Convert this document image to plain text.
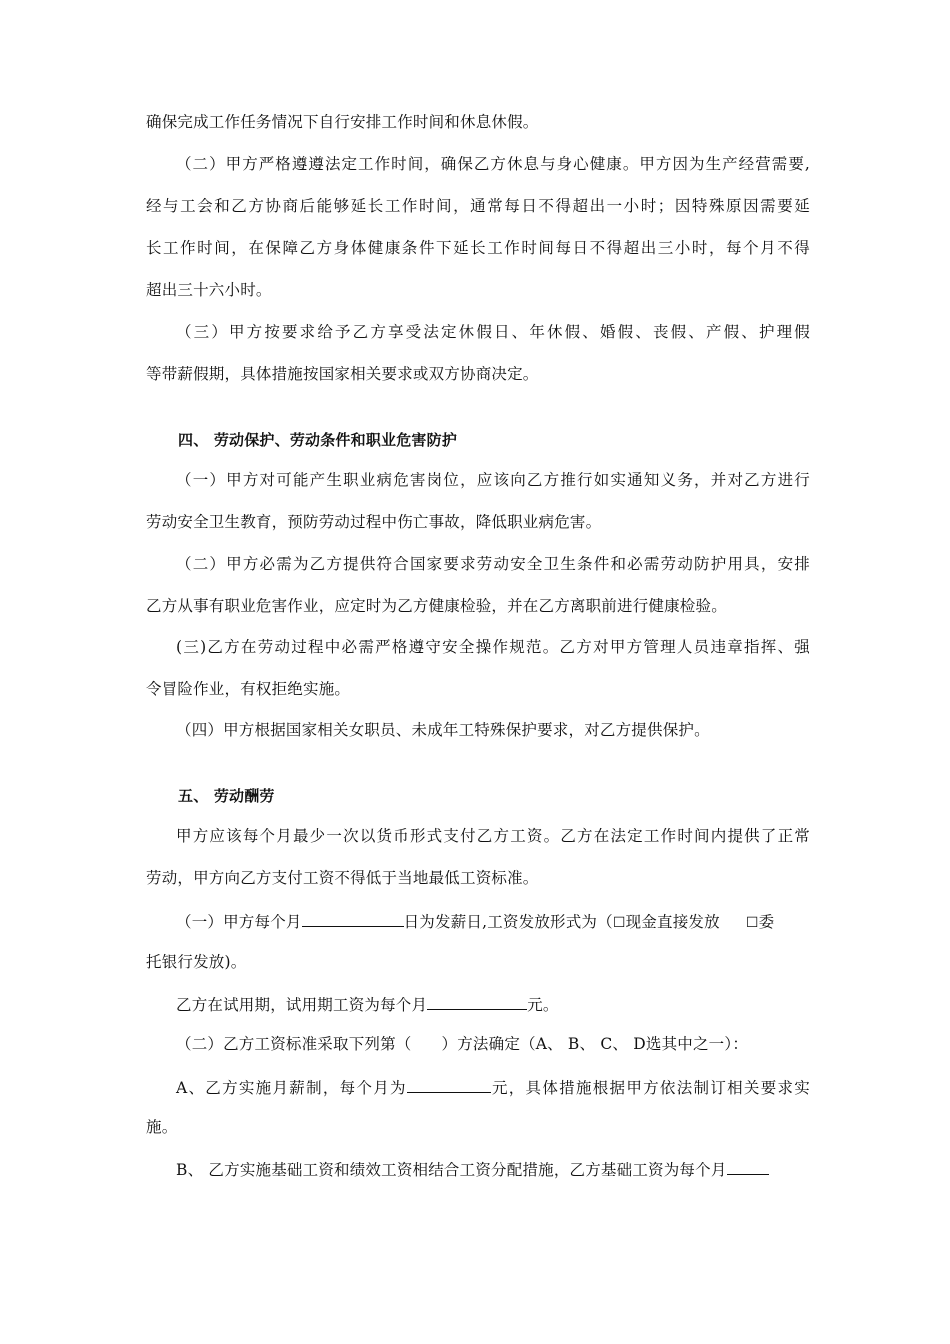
确保完成工作任务情况下自行安排工作时间和休息休假。
（二）甲方严格遵遵法定工作时间，确保乙方休息与身心健康。甲方因为生产经营需要,
经与工会和乙方协商后能够延长工作时间，通常每日不得超出一小时；因特殊原因需要延
长工作时间，在保障乙方身体健康条件下延长工作时间每日不得超出三小时，每个月不得
超出三十六小时。
（三）甲方按要求给予乙方享受法定休假日、年休假、婚假、丧假、产假、护理假
等带薪假期，具体措施按国家相关要求或双方协商决定。
四、 劳动保护、劳动条件和职业危害防护
（一）甲方对可能产生职业病危害岗位，应该向乙方推行如实通知义务，并对乙方进行
劳动安全卫生教育，预防劳动过程中伤亡事故，降低职业病危害。
（二）甲方必需为乙方提供符合国家要求劳动安全卫生条件和必需劳动防护用具，安排
乙方从事有职业危害作业，应定时为乙方健康检验，并在乙方离职前进行健康检验。
(三)乙方在劳动过程中必需严格遵守安全操作规范。乙方对甲方管理人员违章指挥、强
令冒险作业，有权拒绝实施。
（四）甲方根据国家相关女职员、未成年工特殊保护要求，对乙方提供保护。
五、 劳动酬劳
甲方应该每个月最少一次以货币形式支付乙方工资。乙方在法定工作时间内提供了正常
劳动，甲方向乙方支付工资不得低于当地最低工资标准。
（一）甲方每个月	日为发薪日,工资发放形式为（☐现金直接发放 ☐委
托银行发放)。
乙方在试用期，试用期工资为每个月	元。
（二）乙方工资标准采取下列第（ ）方法确定（A、 B、 C、 D选其中之一）：
A、乙方实施月薪制，每个月为	元，具体措施根据甲方依法制订相关要求实
施。
B、 乙方实施基础工资和绩效工资相结合工资分配措施，乙方基础工资为每个月
